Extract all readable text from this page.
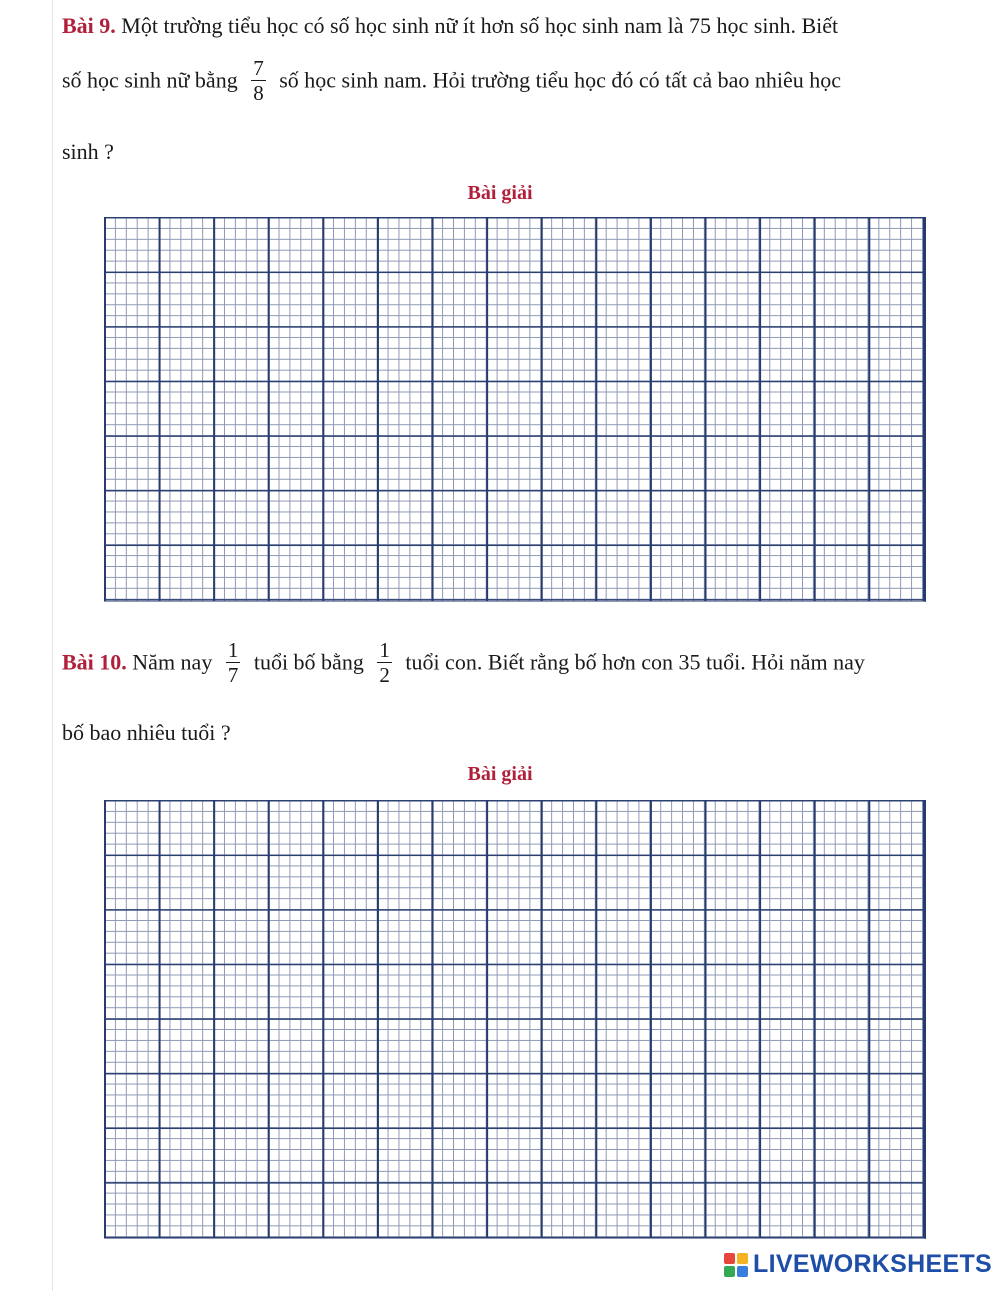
Bài 9. Một trường tiểu học có số học sinh nữ ít hơn số học sinh nam là 75 học sinh. Biết
số học sinh nữ bằng $\frac{7}{8}$ số học sinh nam. Hỏi trường tiểu học đó có tất cả bao nhiêu học
sinh ?
Bài giải
Bài 10. Năm nay $\frac{1}{7}$ tuổi bố bằng $\frac{1}{2}$ tuổi con. Biết rằng bố hơn con 35 tuổi. Hỏi năm nay
bố bao nhiêu tuổi ?
Bài giải
LIVEWORKSHEETS
